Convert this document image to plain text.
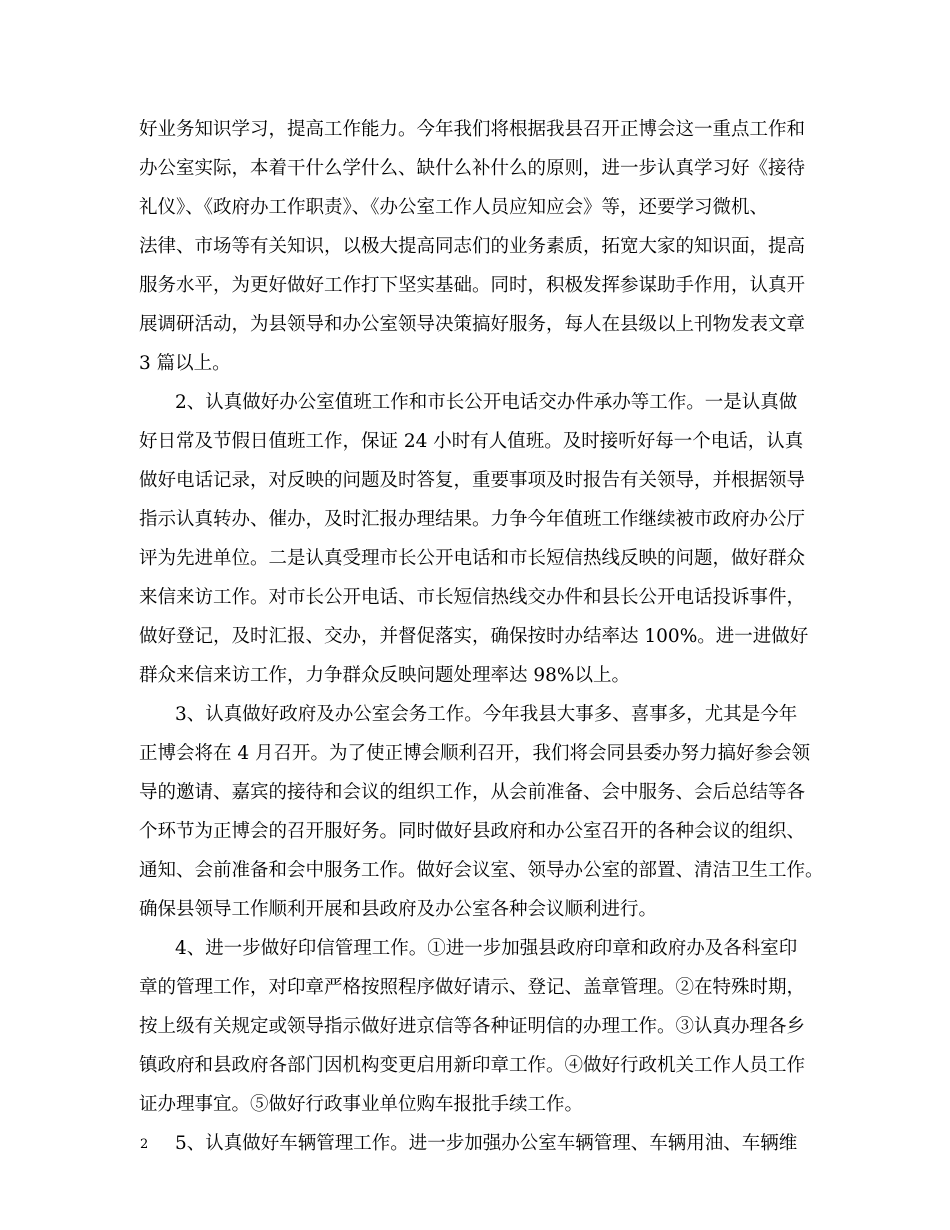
好业务知识学习，提高工作能力。今年我们将根据我县召开正博会这一重点工作和
办公室实际，本着干什么学什么、缺什么补什么的原则，进一步认真学习好《接待
礼仪》、《政府办工作职责》、《办公室工作人员应知应会》等，还要学习微机、
法律、市场等有关知识，以极大提高同志们的业务素质，拓宽大家的知识面，提高
服务水平，为更好做好工作打下坚实基础。同时，积极发挥参谋助手作用，认真开
展调研活动，为县领导和办公室领导决策搞好服务，每人在县级以上刊物发表文章
3 篇以上。
2、认真做好办公室值班工作和市长公开电话交办件承办等工作。一是认真做
好日常及节假日值班工作，保证 24 小时有人值班。及时接听好每一个电话，认真
做好电话记录，对反映的问题及时答复，重要事项及时报告有关领导，并根据领导
指示认真转办、催办，及时汇报办理结果。力争今年值班工作继续被市政府办公厅
评为先进单位。二是认真受理市长公开电话和市长短信热线反映的问题，做好群众
来信来访工作。对市长公开电话、市长短信热线交办件和县长公开电话投诉事件，
做好登记，及时汇报、交办，并督促落实，确保按时办结率达 100%。进一进做好
群众来信来访工作，力争群众反映问题处理率达 98%以上。
3、认真做好政府及办公室会务工作。今年我县大事多、喜事多，尤其是今年
正博会将在 4 月召开。为了使正博会顺利召开，我们将会同县委办努力搞好参会领
导的邀请、嘉宾的接待和会议的组织工作，从会前准备、会中服务、会后总结等各
个环节为正博会的召开服好务。同时做好县政府和办公室召开的各种会议的组织、
通知、会前准备和会中服务工作。做好会议室、领导办公室的部置、清洁卫生工作。
确保县领导工作顺利开展和县政府及办公室各种会议顺利进行。
4、进一步做好印信管理工作。①进一步加强县政府印章和政府办及各科室印
章的管理工作，对印章严格按照程序做好请示、登记、盖章管理。②在特殊时期，
按上级有关规定或领导指示做好进京信等各种证明信的办理工作。③认真办理各乡
镇政府和县政府各部门因机构变更启用新印章工作。④做好行政机关工作人员工作
证办理事宜。⑤做好行政事业单位购车报批手续工作。
5、认真做好车辆管理工作。进一步加强办公室车辆管理、车辆用油、车辆维
2
